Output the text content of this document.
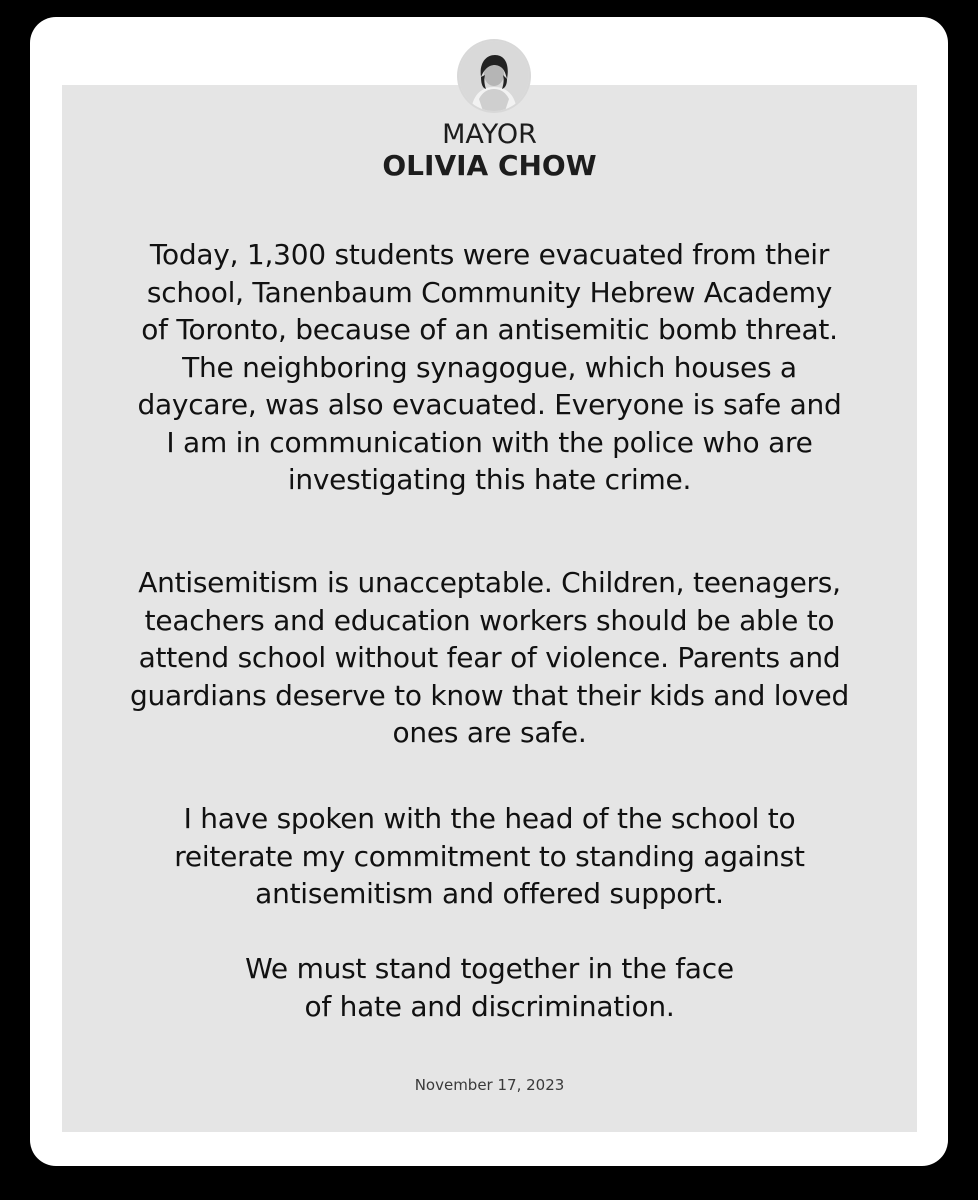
MAYOR
OLIVIA CHOW

Today, 1,300 students were evacuated from their
school, Tanenbaum Community Hebrew Academy
of Toronto, because of an antisemitic bomb threat.
The neighboring synagogue, which houses a
daycare, was also evacuated. Everyone is safe and
I am in communication with the police who are
investigating this hate crime.

Antisemitism is unacceptable. Children, teenagers,
teachers and education workers should be able to
attend school without fear of violence. Parents and
guardians deserve to know that their kids and loved
ones are safe.

I have spoken with the head of the school to
reiterate my commitment to standing against
antisemitism and offered support.

We must stand together in the face
of hate and discrimination.

November 17, 2023
